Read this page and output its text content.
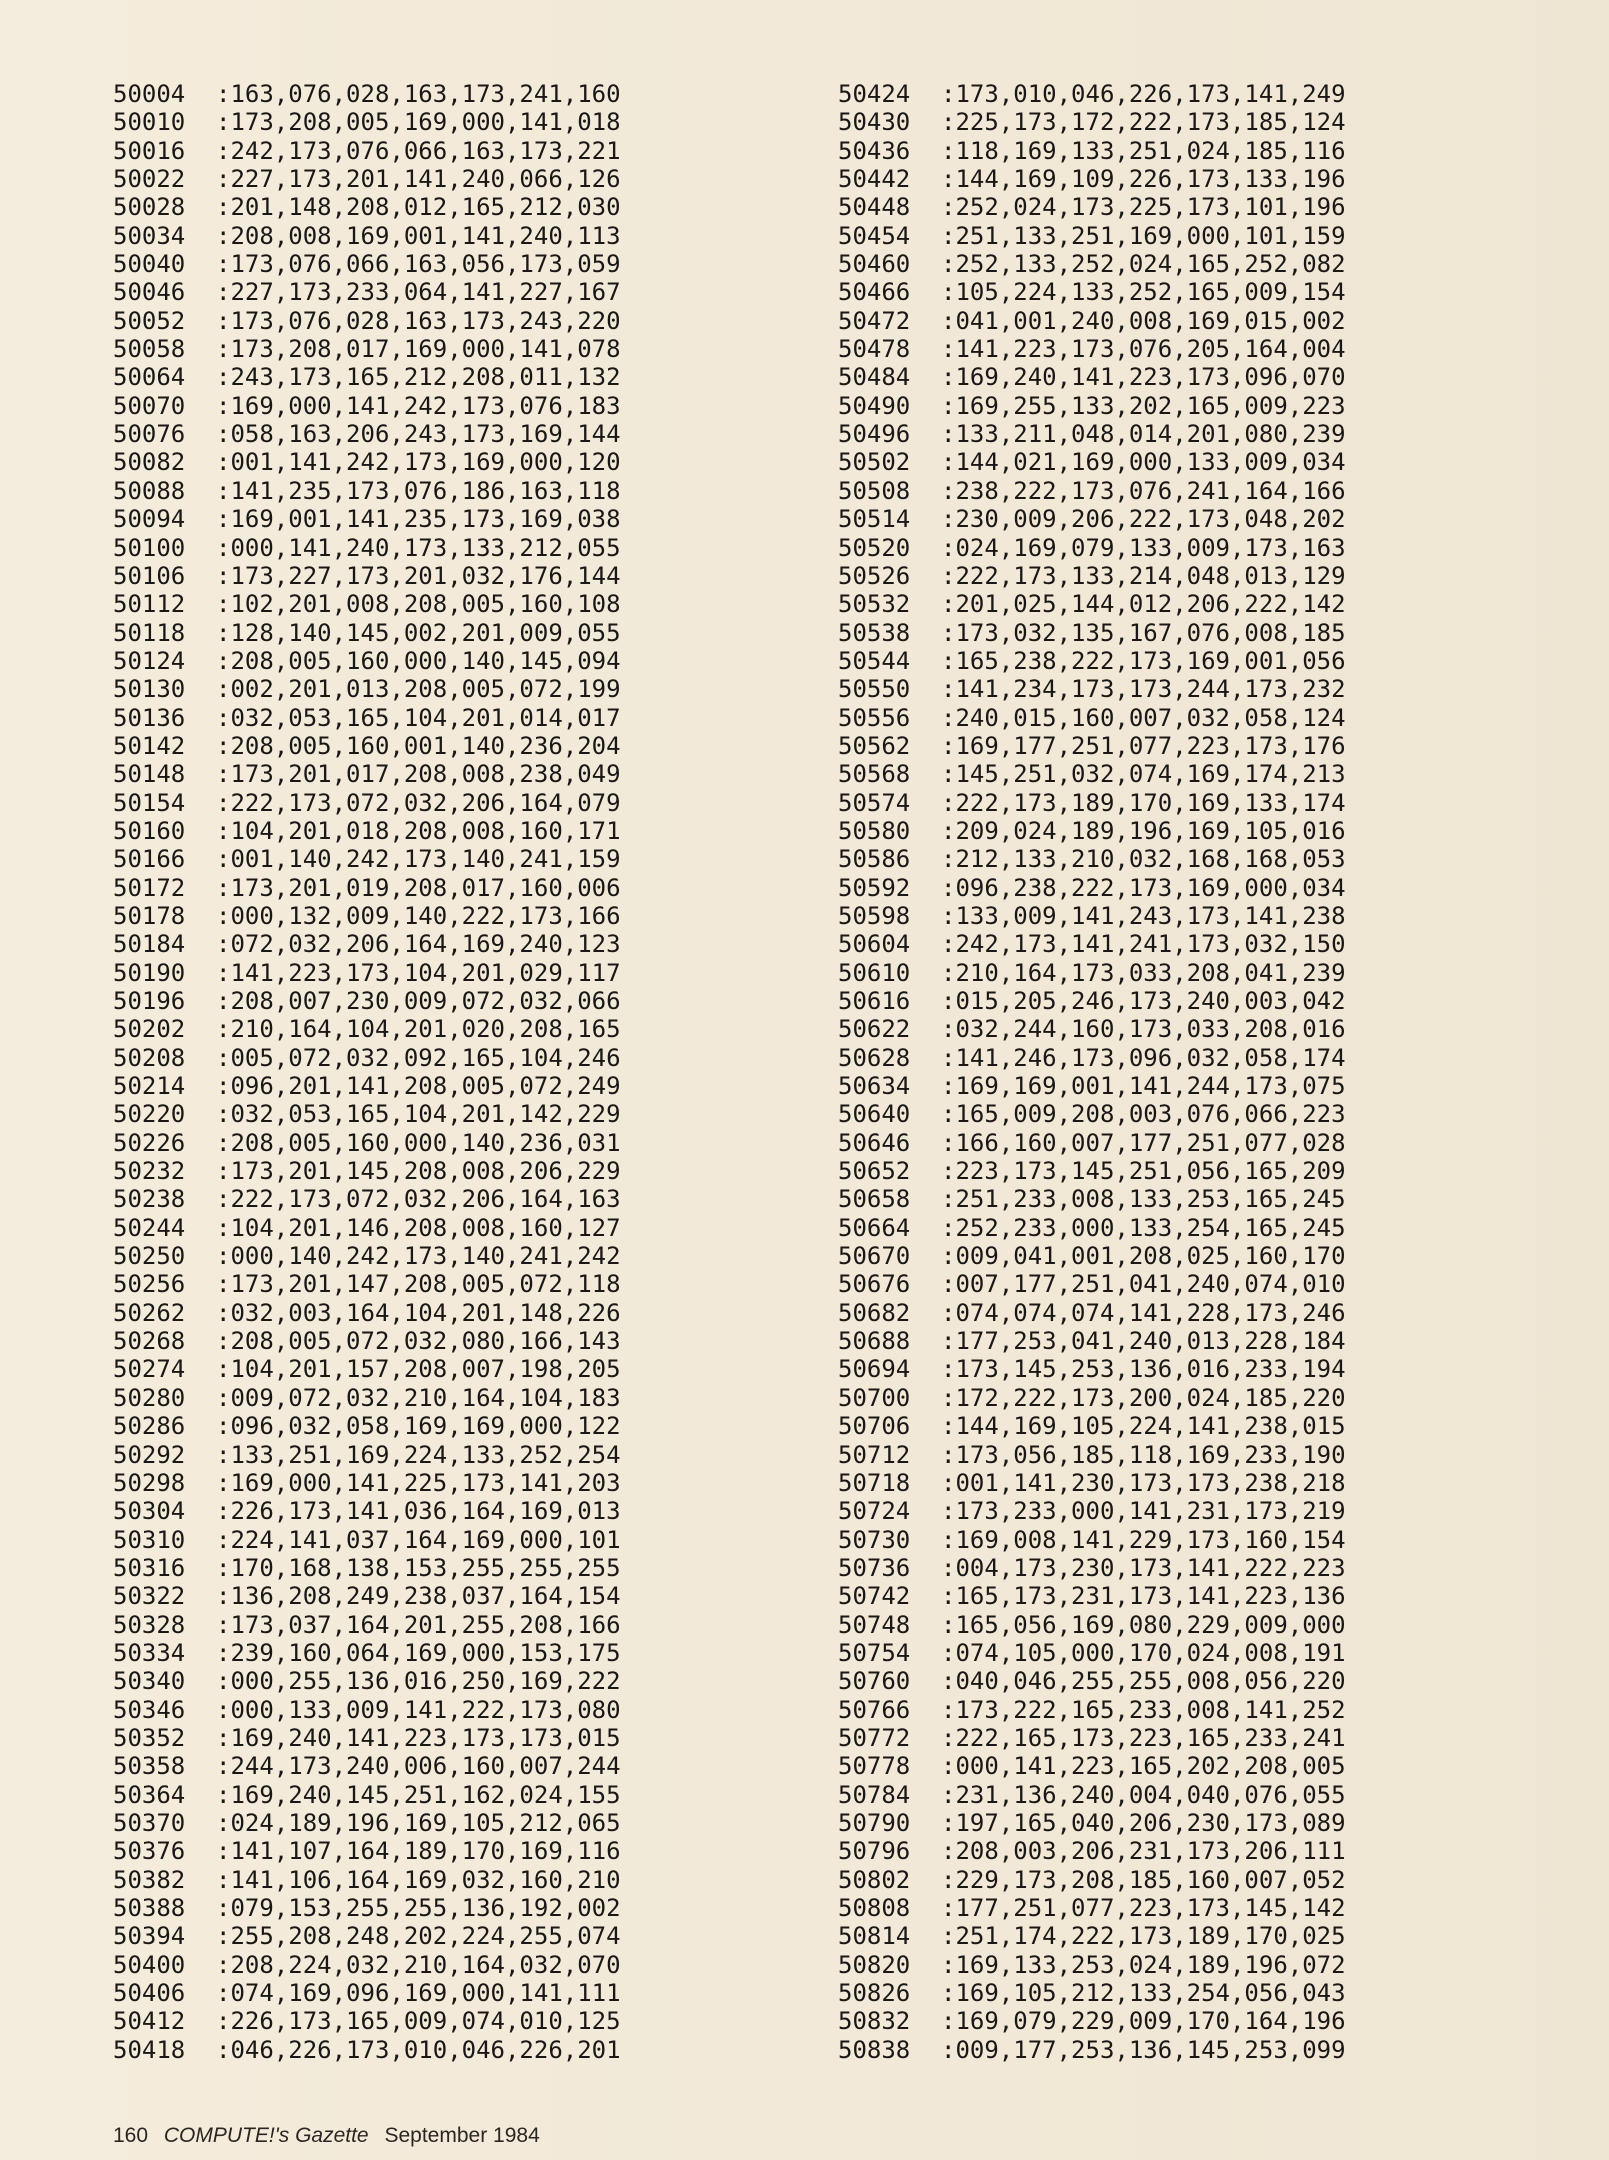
50004	:163,076,028,163,173,241,160
50010	:173,208,005,169,000,141,018
50016	:242,173,076,066,163,173,221
50022	:227,173,201,141,240,066,126
50028	:201,148,208,012,165,212,030
50034	:208,008,169,001,141,240,113
50040	:173,076,066,163,056,173,059
50046	:227,173,233,064,141,227,167
50052	:173,076,028,163,173,243,220
50058	:173,208,017,169,000,141,078
50064	:243,173,165,212,208,011,132
50070	:169,000,141,242,173,076,183
50076	:058,163,206,243,173,169,144
50082	:001,141,242,173,169,000,120
50088	:141,235,173,076,186,163,118
50094	:169,001,141,235,173,169,038
50100	:000,141,240,173,133,212,055
50106	:173,227,173,201,032,176,144
50112	:102,201,008,208,005,160,108
50118	:128,140,145,002,201,009,055
50124	:208,005,160,000,140,145,094
50130	:002,201,013,208,005,072,199
50136	:032,053,165,104,201,014,017
50142	:208,005,160,001,140,236,204
50148	:173,201,017,208,008,238,049
50154	:222,173,072,032,206,164,079
50160	:104,201,018,208,008,160,171
50166	:001,140,242,173,140,241,159
50172	:173,201,019,208,017,160,006
50178	:000,132,009,140,222,173,166
50184	:072,032,206,164,169,240,123
50190	:141,223,173,104,201,029,117
50196	:208,007,230,009,072,032,066
50202	:210,164,104,201,020,208,165
50208	:005,072,032,092,165,104,246
50214	:096,201,141,208,005,072,249
50220	:032,053,165,104,201,142,229
50226	:208,005,160,000,140,236,031
50232	:173,201,145,208,008,206,229
50238	:222,173,072,032,206,164,163
50244	:104,201,146,208,008,160,127
50250	:000,140,242,173,140,241,242
50256	:173,201,147,208,005,072,118
50262	:032,003,164,104,201,148,226
50268	:208,005,072,032,080,166,143
50274	:104,201,157,208,007,198,205
50280	:009,072,032,210,164,104,183
50286	:096,032,058,169,169,000,122
50292	:133,251,169,224,133,252,254
50298	:169,000,141,225,173,141,203
50304	:226,173,141,036,164,169,013
50310	:224,141,037,164,169,000,101
50316	:170,168,138,153,255,255,255
50322	:136,208,249,238,037,164,154
50328	:173,037,164,201,255,208,166
50334	:239,160,064,169,000,153,175
50340	:000,255,136,016,250,169,222
50346	:000,133,009,141,222,173,080
50352	:169,240,141,223,173,173,015
50358	:244,173,240,006,160,007,244
50364	:169,240,145,251,162,024,155
50370	:024,189,196,169,105,212,065
50376	:141,107,164,189,170,169,116
50382	:141,106,164,169,032,160,210
50388	:079,153,255,255,136,192,002
50394	:255,208,248,202,224,255,074
50400	:208,224,032,210,164,032,070
50406	:074,169,096,169,000,141,111
50412	:226,173,165,009,074,010,125
50418	:046,226,173,010,046,226,201
50424	:173,010,046,226,173,141,249
50430	:225,173,172,222,173,185,124
50436	:118,169,133,251,024,185,116
50442	:144,169,109,226,173,133,196
50448	:252,024,173,225,173,101,196
50454	:251,133,251,169,000,101,159
50460	:252,133,252,024,165,252,082
50466	:105,224,133,252,165,009,154
50472	:041,001,240,008,169,015,002
50478	:141,223,173,076,205,164,004
50484	:169,240,141,223,173,096,070
50490	:169,255,133,202,165,009,223
50496	:133,211,048,014,201,080,239
50502	:144,021,169,000,133,009,034
50508	:238,222,173,076,241,164,166
50514	:230,009,206,222,173,048,202
50520	:024,169,079,133,009,173,163
50526	:222,173,133,214,048,013,129
50532	:201,025,144,012,206,222,142
50538	:173,032,135,167,076,008,185
50544	:165,238,222,173,169,001,056
50550	:141,234,173,173,244,173,232
50556	:240,015,160,007,032,058,124
50562	:169,177,251,077,223,173,176
50568	:145,251,032,074,169,174,213
50574	:222,173,189,170,169,133,174
50580	:209,024,189,196,169,105,016
50586	:212,133,210,032,168,168,053
50592	:096,238,222,173,169,000,034
50598	:133,009,141,243,173,141,238
50604	:242,173,141,241,173,032,150
50610	:210,164,173,033,208,041,239
50616	:015,205,246,173,240,003,042
50622	:032,244,160,173,033,208,016
50628	:141,246,173,096,032,058,174
50634	:169,169,001,141,244,173,075
50640	:165,009,208,003,076,066,223
50646	:166,160,007,177,251,077,028
50652	:223,173,145,251,056,165,209
50658	:251,233,008,133,253,165,245
50664	:252,233,000,133,254,165,245
50670	:009,041,001,208,025,160,170
50676	:007,177,251,041,240,074,010
50682	:074,074,074,141,228,173,246
50688	:177,253,041,240,013,228,184
50694	:173,145,253,136,016,233,194
50700	:172,222,173,200,024,185,220
50706	:144,169,105,224,141,238,015
50712	:173,056,185,118,169,233,190
50718	:001,141,230,173,173,238,218
50724	:173,233,000,141,231,173,219
50730	:169,008,141,229,173,160,154
50736	:004,173,230,173,141,222,223
50742	:165,173,231,173,141,223,136
50748	:165,056,169,080,229,009,000
50754	:074,105,000,170,024,008,191
50760	:040,046,255,255,008,056,220
50766	:173,222,165,233,008,141,252
50772	:222,165,173,223,165,233,241
50778	:000,141,223,165,202,208,005
50784	:231,136,240,004,040,076,055
50790	:197,165,040,206,230,173,089
50796	:208,003,206,231,173,206,111
50802	:229,173,208,185,160,007,052
50808	:177,251,077,223,173,145,142
50814	:251,174,222,173,189,170,025
50820	:169,133,253,024,189,196,072
50826	:169,105,212,133,254,056,043
50832	:169,079,229,009,170,164,196
50838	:009,177,253,136,145,253,099
160 COMPUTE!'s Gazette September 1984
